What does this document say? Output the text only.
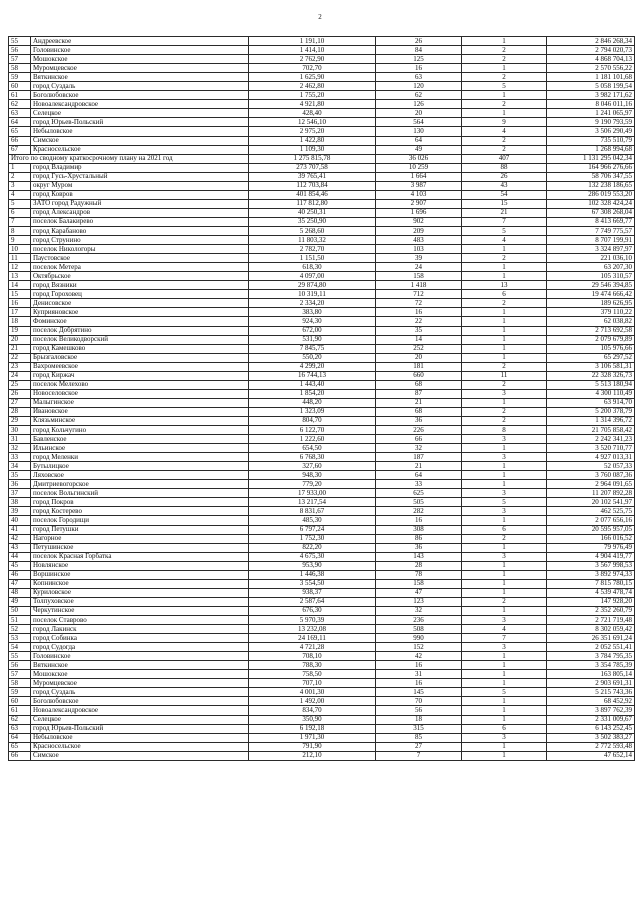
2
55	Андреевское	1 191,10	26	1	2 846 268,34
56	Головинское	1 414,10	84	2	2 794 020,73
57	Мошокское	2 762,90	125	2	4 868 704,13
58	Муромцевское	702,70	16	1	2 570 556,22
59	Вяткинское	1 625,90	63	2	1 181 101,68
60	город Суздаль	2 462,80	120	5	5 058 199,54
61	Боголюбовское	1 755,20	62	1	3 982 171,62
62	Новоалександровское	4 921,80	126	2	8 046 011,16
63	Селецкое	428,40	20	1	1 241 065,97
64	город Юрьев-Польский	12 546,10	564	9	9 190 793,59
65	Небыловское	2 975,20	130	4	3 506 290,49
66	Симское	1 422,80	64	2	735 510,79
67	Красносельское	1 109,30	49	2	1 268 994,68
Итого по сводному краткосрочному плану на 2021 год		1 275 815,78	36 026	407	1 131 295 042,34
1	город Владимир	273 707,58	10 259	88	164 966 276,66
2	город Гусь-Хрустальный	39 765,41	1 664	26	58 706 347,55
3	округ Муром	112 703,84	3 987	43	132 238 186,65
4	город Ковров	401 854,46	4 103	54	286 019 553,20
5	ЗАТО город Радужный	117 812,80	2 907	15	102 328 424,24
6	город Александров	40 250,31	1 696	21	67 308 268,04
7	поселок Балакирево	35 250,90	902	7	8 413 669,77
8	город Карабаново	5 268,60	209	5	7 749 775,57
9	город Струнино	11 803,32	483	4	8 707 199,91
10	поселок Никологоры	2 782,70	103	1	3 324 897,97
11	Паустовское	1 151,50	39	2	221 036,10
12	поселок Метера	618,30	24	1	63 207,30
13	Октябрьское	4 097,00	158	1	105 310,57
14	город Вязники	29 874,80	1 418	13	29 546 394,85
15	город Гороховец	10 319,11	712	6	19 474 666,42
16	Денисовское	2 334,20	72	2	189 626,95
17	Куприяновское	383,80	16	1	379 110,22
18	Фоминское	924,30	22	1	62 038,82
19	поселок Добрятино	672,00	35	1	2 713 692,58
20	поселок Великодворский	531,90	14	1	2 079 679,89
21	город Камешково	7 845,75	252	1	105 976,66
22	Брызгаловское	550,20	20	1	65 297,52
23	Вахромеевское	4 299,20	181	2	3 106 581,31
24	город Киржач	16 744,13	660	11	22 328 326,73
25	поселок Мелехово	1 443,40	68	2	5 513 180,94
26	Новоселовское	1 854,20	87	3	4 300 110,49
27	Малыгинское	448,20	21	1	63 914,70
28	Ивановское	1 323,09	68	2	5 200 378,79
29	Клязьминское	804,70	36	2	1 314 396,72
30	город Кольчугино	6 122,70	226	8	21 705 858,42
31	Бавленское	1 222,60	66	3	2 242 341,23
32	Ильинское	654,50	32	1	3 520 710,77
33	город Меленки	6 768,30	187	3	4 927 013,31
34	Бутылицкое	327,60	21	1	52 057,33
35	Ляховское	948,30	64	1	3 760 087,36
36	Дмитриевогорское	779,20	33	1	2 964 091,65
37	поселок Вольгинский	17 933,00	625	3	11 207 892,28
38	город Покров	13 217,54	505	5	20 102 541,97
39	город Костерево	8 831,67	282	3	462 525,75
40	поселок Городищи	485,30	16	1	2 077 656,16
41	город Петушки	6 797,24	308	6	20 595 957,05
42	Нагорное	1 752,30	86	2	166 016,52
43	Петушинское	822,20	36	1	79 976,49
44	поселок Красная Горбатка	4 675,30	143	3	4 904 419,77
45	Новлянское	953,90	28	1	3 567 998,53
46	Воршинское	1 446,38	78	1	3 892 974,33
47	Копнинское	3 554,50	158	1	7 815 780,15
48	Куриловское	938,37	47	1	4 539 478,74
49	Толпуховское	2 587,64	123	2	147 928,20
50	Черкутинское	676,30	32	1	2 352 260,79
51	поселок Ставрово	5 970,39	236	3	2 721 719,48
52	город Лакинск	13 232,08	508	4	8 302 059,42
53	город Собинка	24 169,11	990	7	26 351 691,24
54	город Судогда	4 721,28	152	3	2 052 551,41
55	Головинское	708,10	42	1	3 784 795,35
56	Вяткинское	788,30	16	1	3 354 785,39
57	Мошокское	758,50	31	1	163 805,14
58	Муромцевское	707,10	16	1	2 903 691,31
59	город Суздаль	4 001,30	145	5	5 215 743,36
60	Боголюбовское	1 492,00	70	1	68 452,92
61	Новоалександровское	834,70	56	1	3 897 762,39
62	Селецкое	350,90	18	1	2 331 009,67
63	город Юрьев-Польский	6 192,18	315	6	6 143 252,45
64	Небыловское	1 971,30	85	3	3 502 383,27
65	Красносельское	791,90	27	1	2 772 593,48
66	Симское	212,10	7	1	47 652,14
